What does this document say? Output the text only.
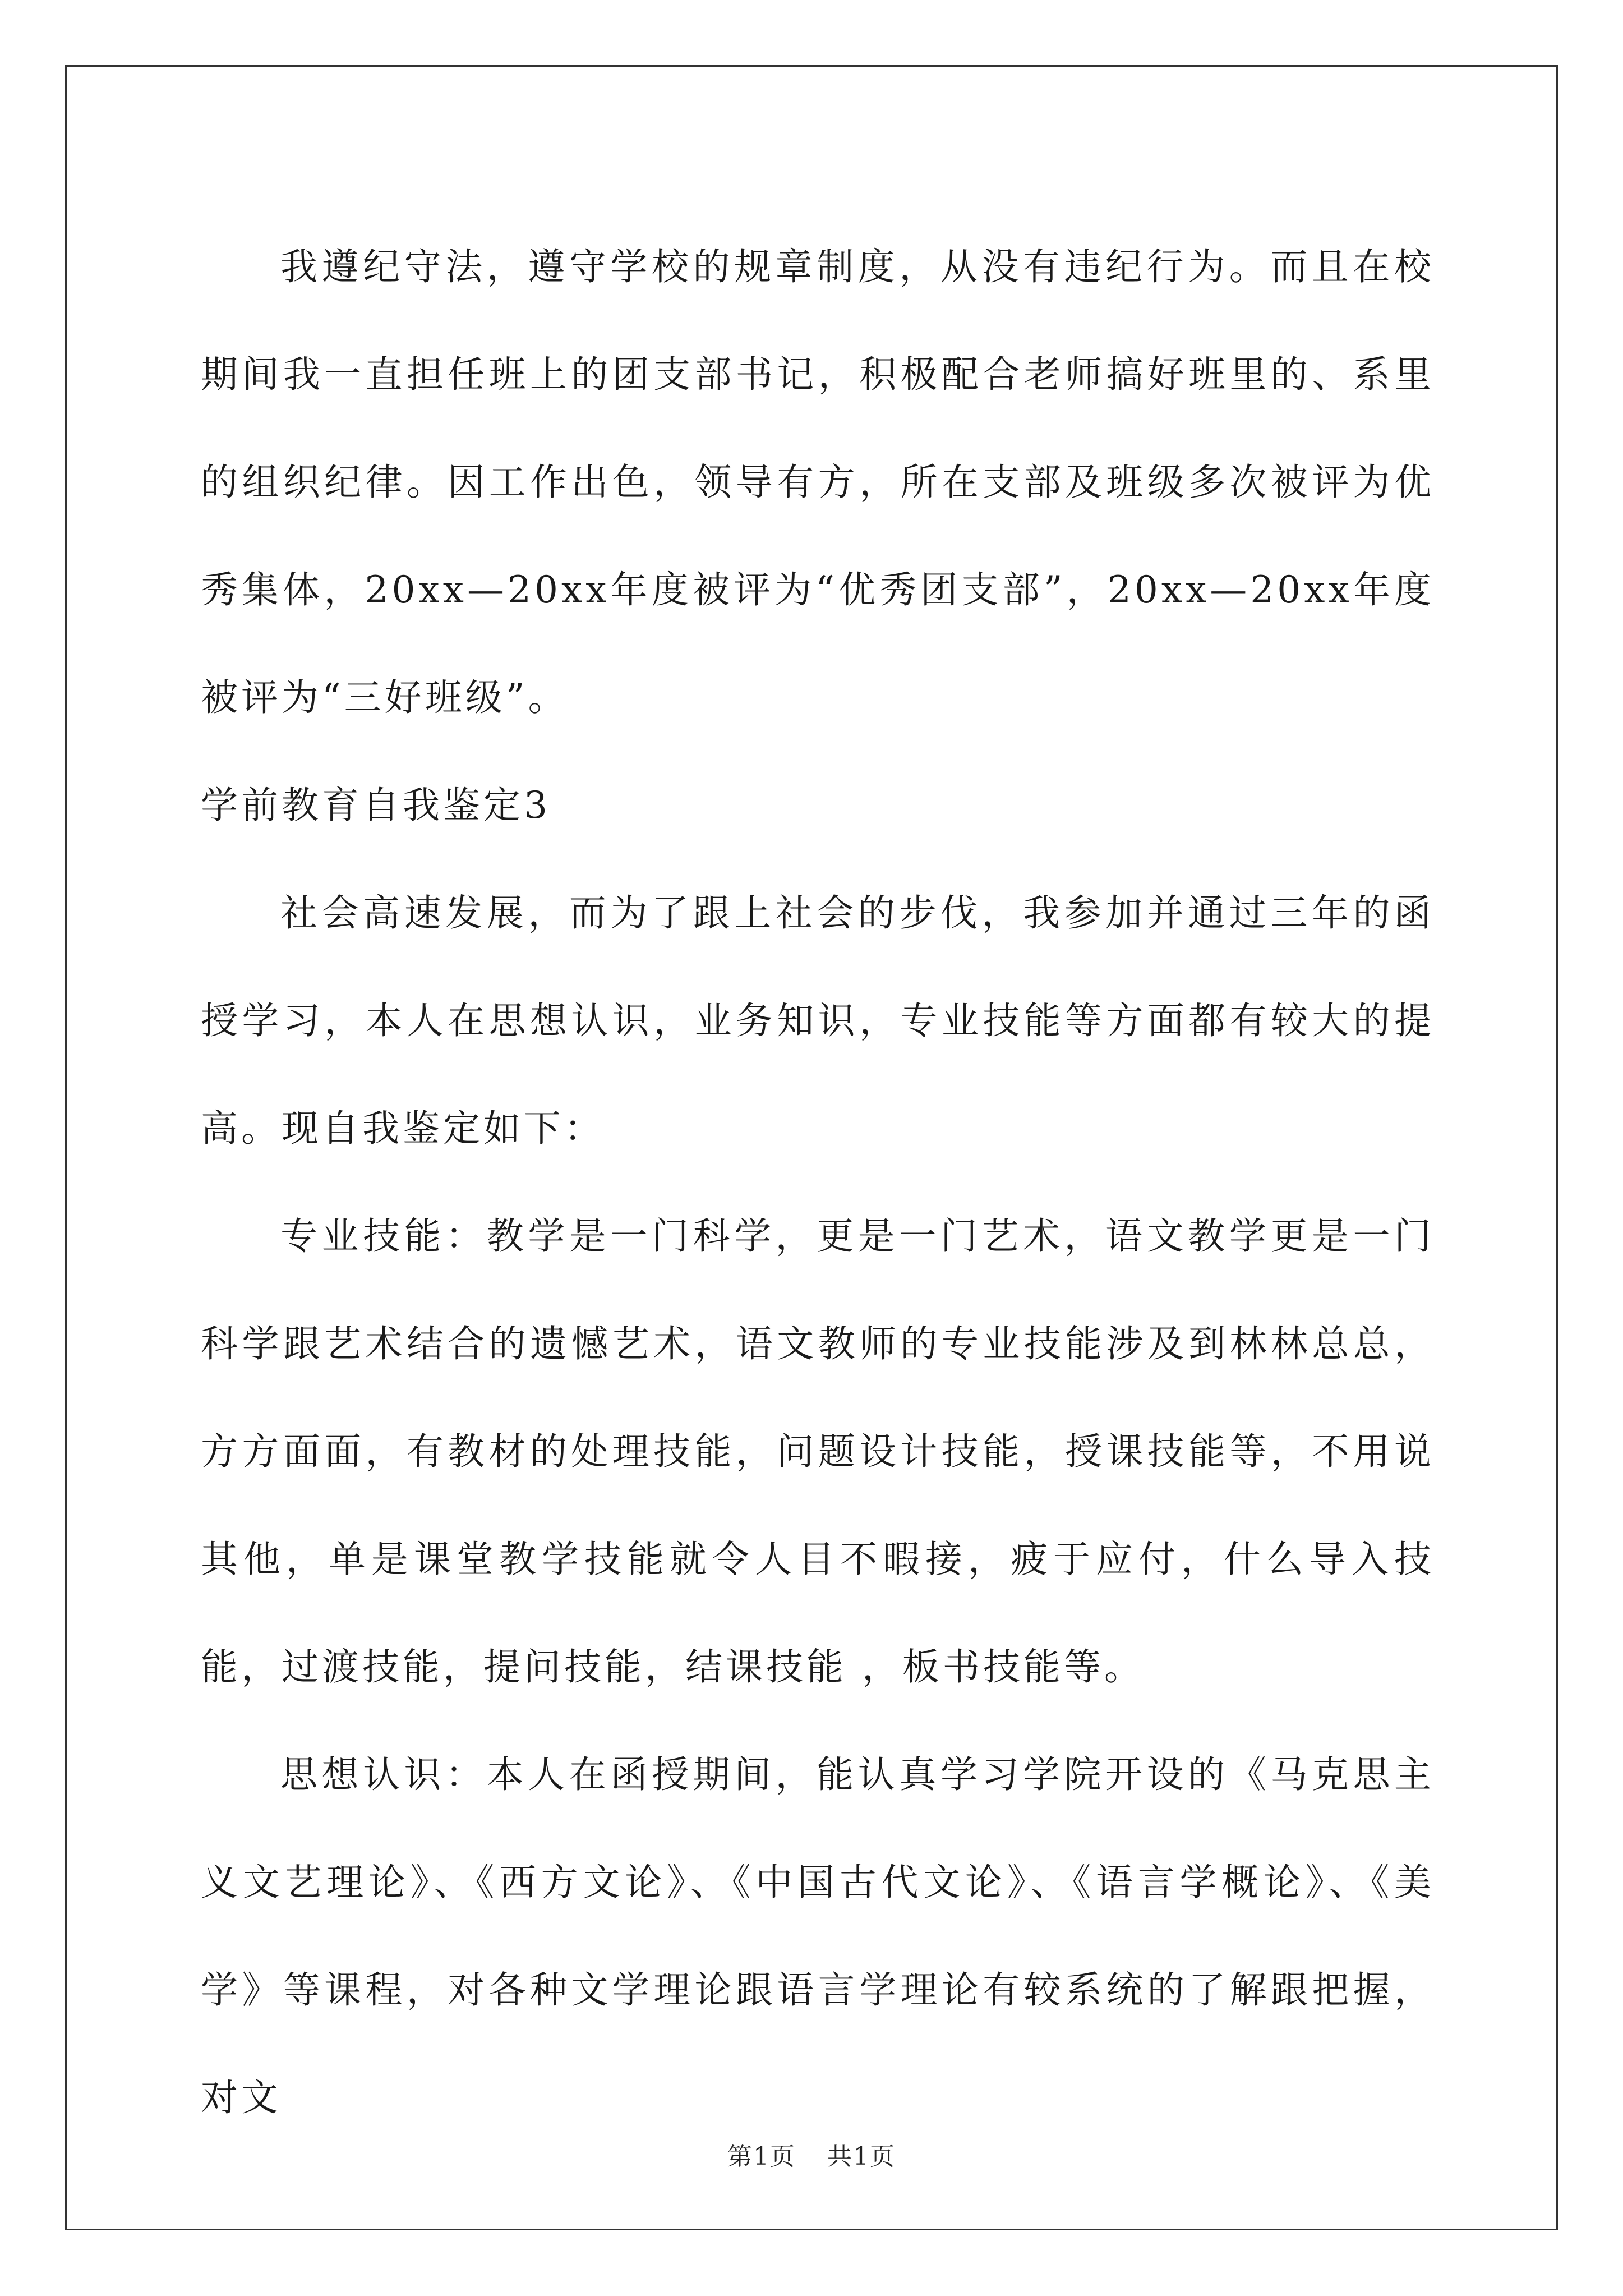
我遵纪守法，遵守学校的规章制度，从没有违纪行为。而且在校期间我一直担任班上的团支部书记，积极配合老师搞好班里的、系里的组织纪律。因工作出色，领导有方，所在支部及班级多次被评为优秀集体，20xx—20xx年度被评为“优秀团支部”，20xx—20xx年度被评为“三好班级”。

学前教育自我鉴定3

社会高速发展，而为了跟上社会的步伐，我参加并通过三年的函授学习，本人在思想认识，业务知识，专业技能等方面都有较大的提高。现自我鉴定如下：

专业技能：教学是一门科学，更是一门艺术，语文教学更是一门科学跟艺术结合的遗憾艺术，语文教师的专业技能涉及到林林总总，方方面面，有教材的处理技能，问题设计技能，授课技能等，不用说其他，单是课堂教学技能就令人目不暇接，疲于应付，什么导入技能，过渡技能，提问技能，结课技能 ，板书技能等。

思想认识：本人在函授期间，能认真学习学院开设的《马克思主义文艺理论》、《西方文论》、《中国古代文论》、《语言学概论》、《美学》等课程，对各种文学理论跟语言学理论有较系统的了解跟把握，对文

第1页 共1页
